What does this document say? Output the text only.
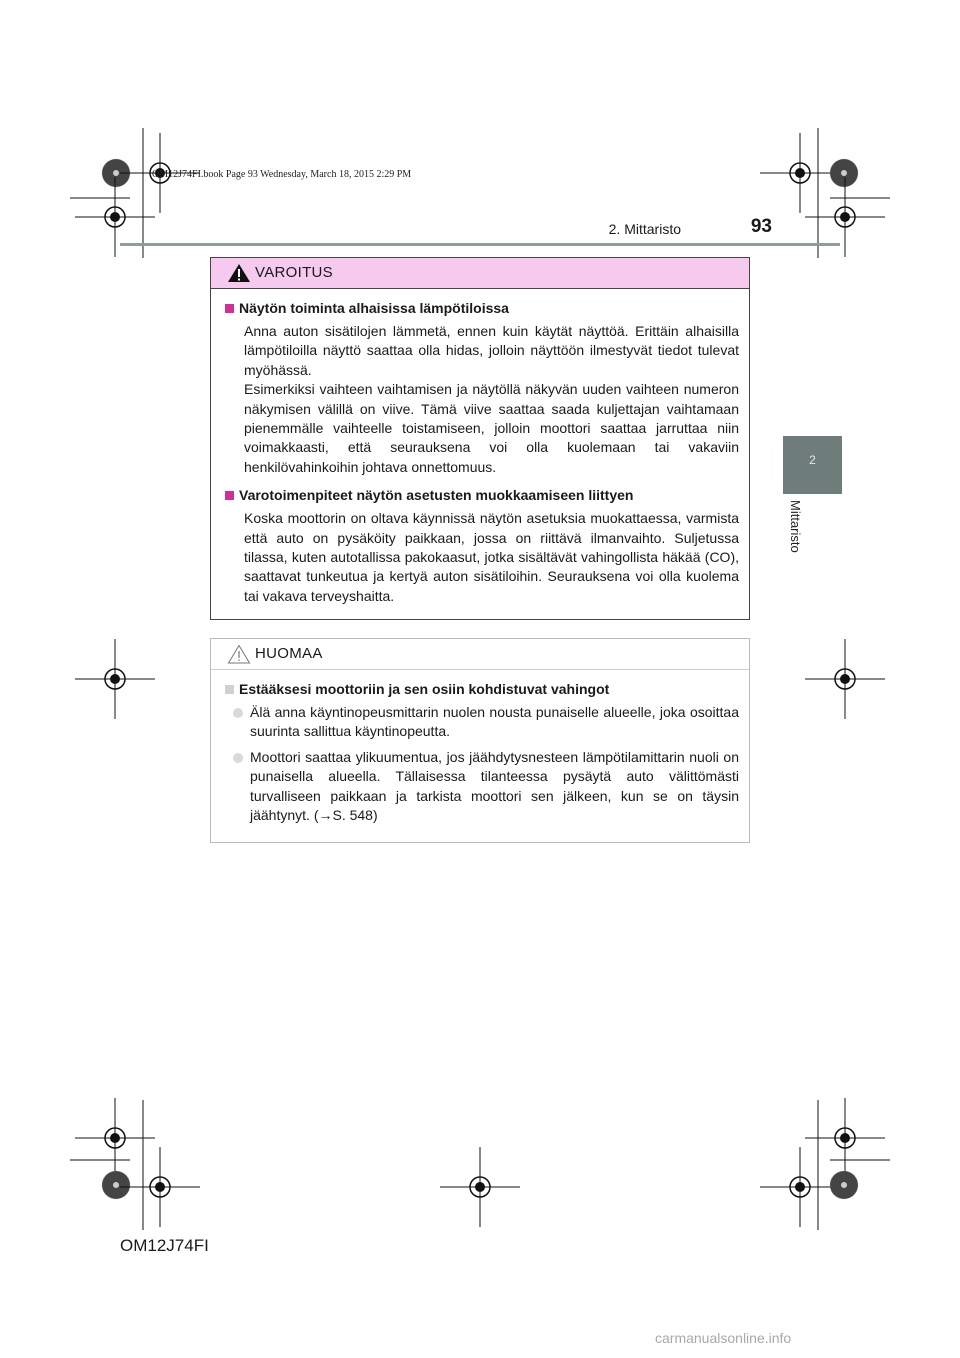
OM12J74FI.book Page 93 Wednesday, March 18, 2015 2:29 PM
2. Mittaristo	93
2
Mittaristo
VAROITUS
Näytön toiminta alhaisissa lämpötiloissa
Anna auton sisätilojen lämmetä, ennen kuin käytät näyttöä. Erittäin alhaisilla lämpötiloilla näyttö saattaa olla hidas, jolloin näyttöön ilmestyvät tiedot tulevat myöhässä.
Esimerkiksi vaihteen vaihtamisen ja näytöllä näkyvän uuden vaihteen numeron näkymisen välillä on viive. Tämä viive saattaa saada kuljettajan vaihtamaan pienemmälle vaihteelle toistamiseen, jolloin moottori saattaa jarruttaa niin voimakkaasti, että seurauksena voi olla kuolemaan tai vakaviin henkilövahinkoihin johtava onnettomuus.
Varotoimenpiteet näytön asetusten muokkaamiseen liittyen
Koska moottorin on oltava käynnissä näytön asetuksia muokattaessa, varmista että auto on pysäköity paikkaan, jossa on riittävä ilmanvaihto. Suljetussa tilassa, kuten autotallissa pakokaasut, jotka sisältävät vahingollista häkää (CO), saattavat tunkeutua ja kertyä auton sisätiloihin. Seurauksena voi olla kuolema tai vakava terveyshaitta.
HUOMAA
Estääksesi moottoriin ja sen osiin kohdistuvat vahingot
Älä anna käyntinopeusmittarin nuolen nousta punaiselle alueelle, joka osoittaa suurinta sallittua käyntinopeutta.
Moottori saattaa ylikuumentua, jos jäähdytysnesteen lämpötilamittarin nuoli on punaisella alueella. Tällaisessa tilanteessa pysäytä auto välittömästi turvalliseen paikkaan ja tarkista moottori sen jälkeen, kun se on täysin jäähtynyt. (→S. 548)
OM12J74FI
carmanualsonline.info
